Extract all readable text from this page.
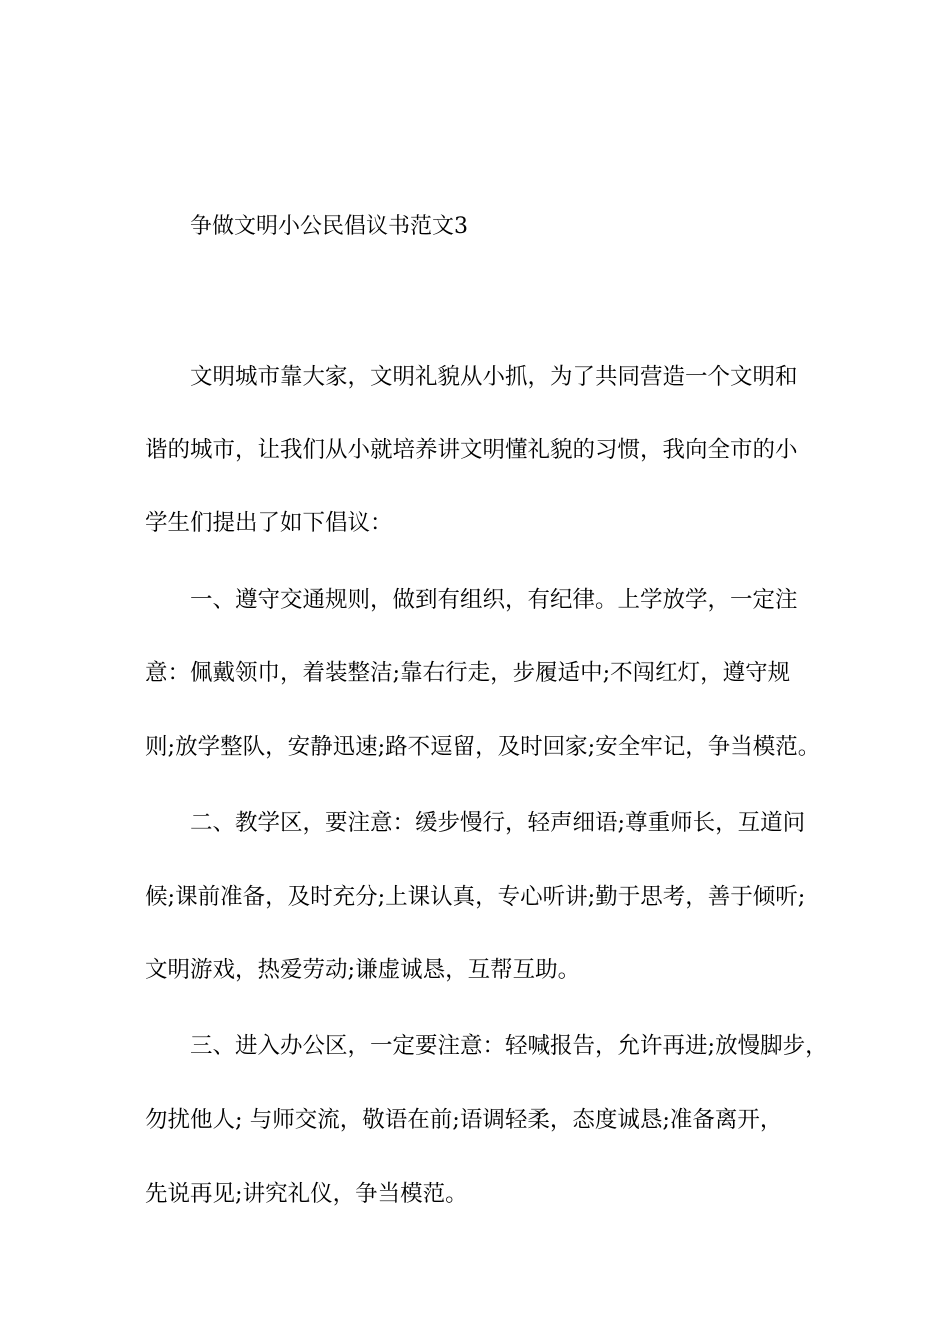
争做文明小公民倡议书范文3
文明城市靠大家，文明礼貌从小抓，为了共同营造一个文明和
谐的城市，让我们从小就培养讲文明懂礼貌的习惯，我向全市的小
学生们提出了如下倡议：
一、遵守交通规则，做到有组织，有纪律。上学放学，一定注
意：佩戴领巾，着装整洁;靠右行走，步履适中;不闯红灯，遵守规
则;放学整队，安静迅速;路不逗留，及时回家;安全牢记，争当模范。
二、教学区，要注意：缓步慢行，轻声细语;尊重师长，互道问
候;课前准备，及时充分;上课认真，专心听讲;勤于思考，善于倾听;
文明游戏，热爱劳动;谦虚诚恳，互帮互助。
三、进入办公区，一定要注意：轻喊报告，允许再进;放慢脚步，
勿扰他人; 与师交流，敬语在前;语调轻柔，态度诚恳;准备离开，
先说再见;讲究礼仪，争当模范。
